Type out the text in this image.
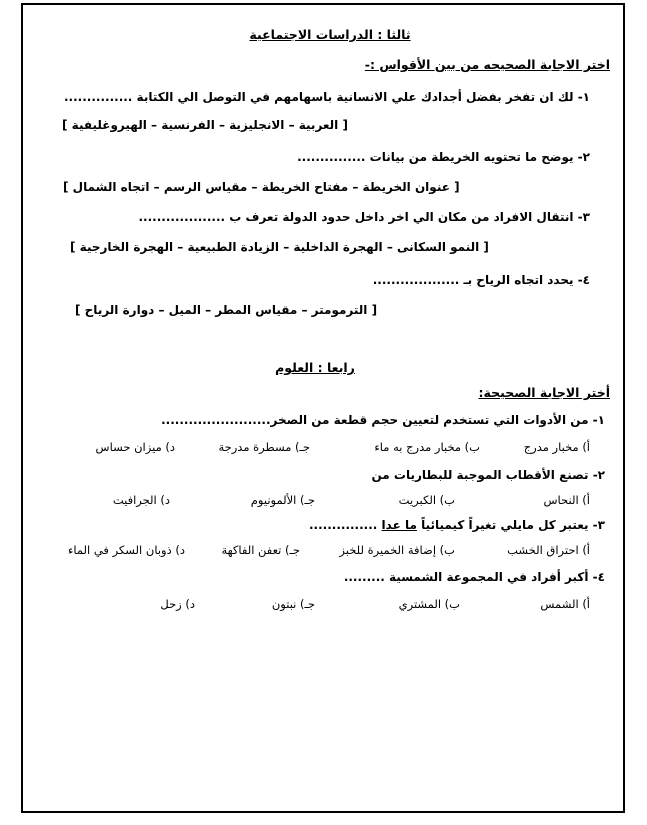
ثالثا : الدراسات الاجتماعية
اختر الاجابة الصحيحه من بين الأقواس :-
١- لك ان تفخر بفضل أجدادك علي الانسانية باسهامهم في التوصل الي الكتابة ...............
[ العربية – الانجليزية – الفرنسية – الهيروغليفية ]
٢- يوضح ما تحتويه الخريطة من بيانات ...............
[ عنوان الخريطة – مفتاح الخريطة – مقياس الرسم – اتجاه الشمال ]
٣- انتقال الافراد من مكان الي اخر داخل حدود الدولة تعرف ب ...................
[ النمو السكانى – الهجرة الداخلية – الزيادة الطبيعية – الهجرة الخارجية ]
٤- يحدد اتجاه الرياح بـ ...................
[ الترمومتر – مقياس المطر – الميل – دوارة الرياح ]
رابعا : العلوم
أختر الاجابة الصحيحة:
١- من الأدوات التي تستخدم لتعيين حجم قطعة من الصخر........................
أ) مخبار مدرج
ب) مخبار مدرج به ماء
جـ) مسطرة مدرجة
د) ميزان حساس
٢- تصنع الأقطاب الموجبة للبطاريات من
أ) النحاس
ب) الكبريت
جـ) الألمونيوم
د) الجرافيت
٣- يعتبر كل مايلي تغيراً كيميائياً ما عدا ...............
أ) احتراق الخشب
ب) إضافة الخميرة للخبز
جـ) تعفن الفاكهة
د) ذوبان السكر في الماء
٤- أكبر أفراد في المجموعة الشمسية .........
أ) الشمس
ب) المشتري
جـ) نبتون
د) زحل
